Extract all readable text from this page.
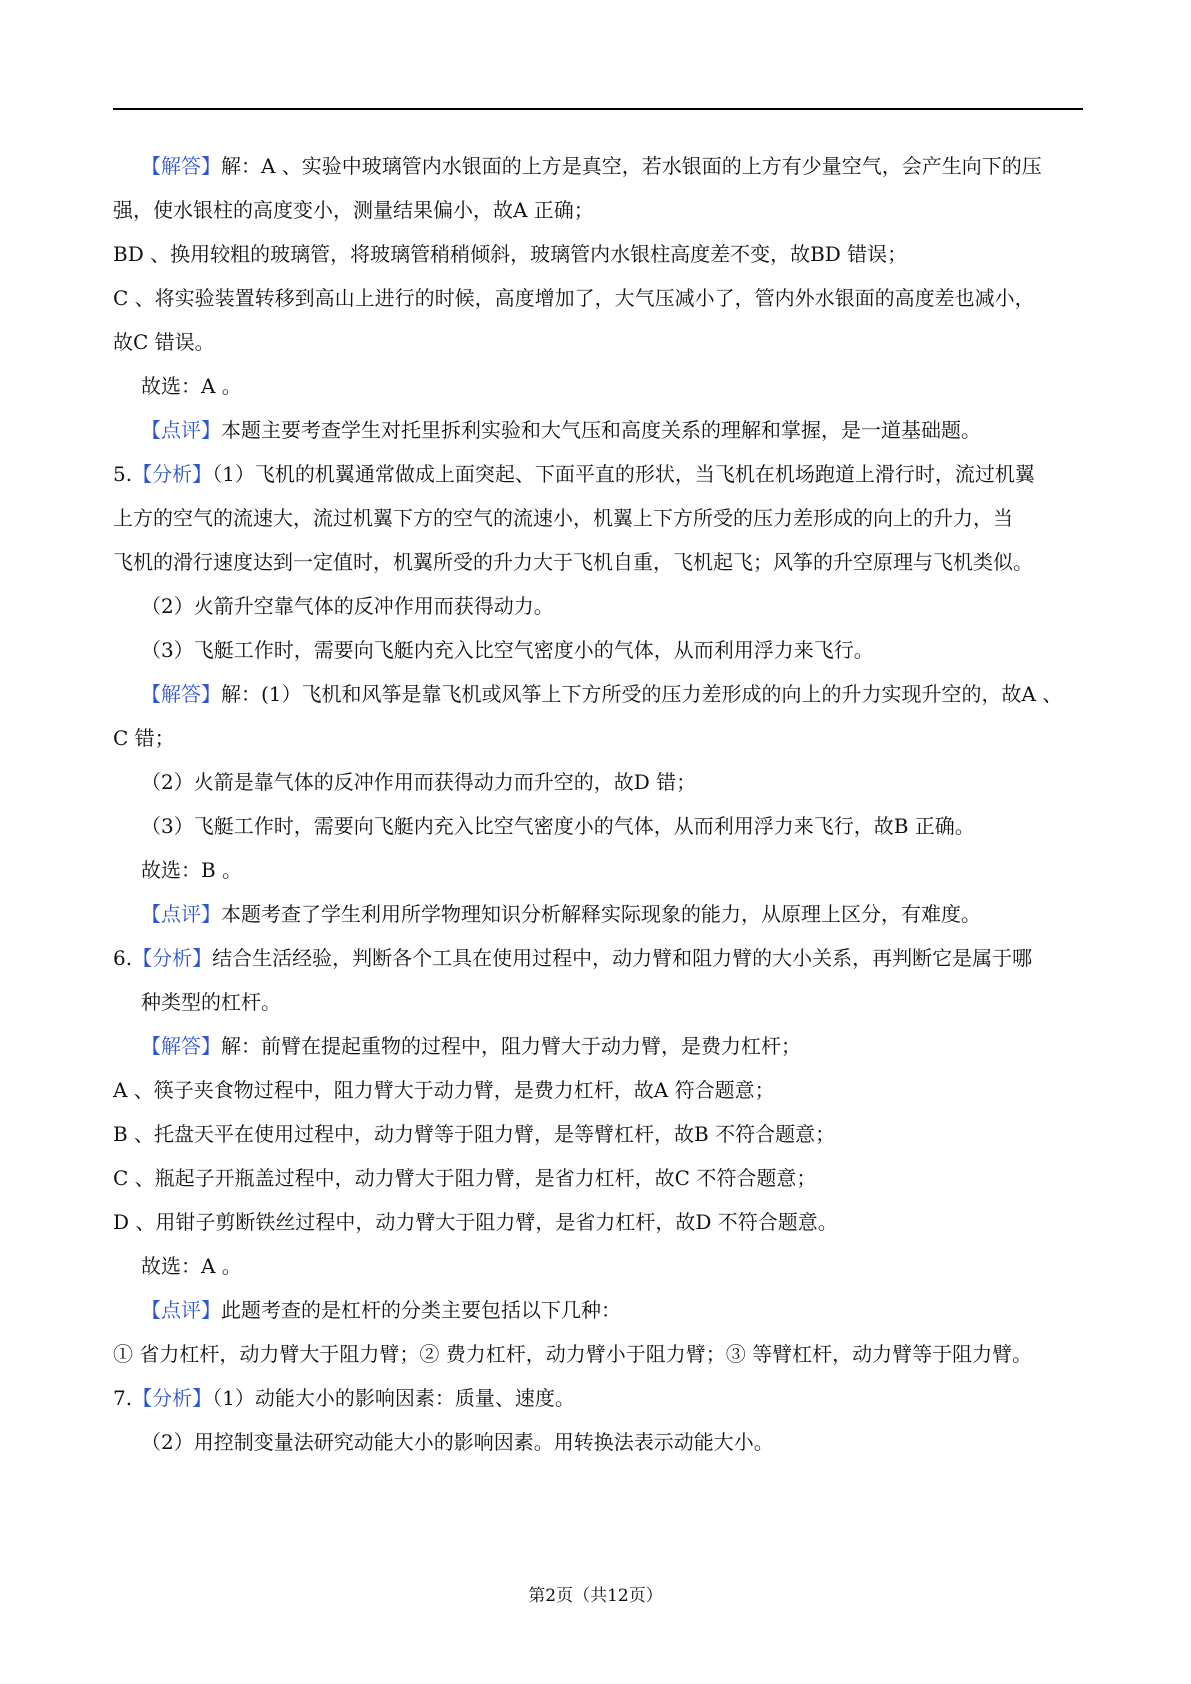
【解答】解：A 、实验中玻璃管内水银面的上方是真空，若水银面的上方有少量空气，会产生向下的压
强，使水银柱的高度变小，测量结果偏小，故A 正确；
BD 、换用较粗的玻璃管，将玻璃管稍稍倾斜，玻璃管内水银柱高度差不变，故BD 错误；
C 、将实验装置转移到高山上进行的时候，高度增加了，大气压减小了，管内外水银面的高度差也减小，
故C 错误。
故选：A 。
【点评】本题主要考查学生对托里拆利实验和大气压和高度关系的理解和掌握，是一道基础题。
5.【分析】（1）飞机的机翼通常做成上面突起、下面平直的形状，当飞机在机场跑道上滑行时，流过机翼
上方的空气的流速大，流过机翼下方的空气的流速小，机翼上下方所受的压力差形成的向上的升力，当
飞机的滑行速度达到一定值时，机翼所受的升力大于飞机自重，飞机起飞；风筝的升空原理与飞机类似。
（2）火箭升空靠气体的反冲作用而获得动力。
（3）飞艇工作时，需要向飞艇内充入比空气密度小的气体，从而利用浮力来飞行。
【解答】解：(1）飞机和风筝是靠飞机或风筝上下方所受的压力差形成的向上的升力实现升空的，故A 、
C 错；
（2）火箭是靠气体的反冲作用而获得动力而升空的，故D 错；
（3）飞艇工作时，需要向飞艇内充入比空气密度小的气体，从而利用浮力来飞行，故B 正确。
故选：B 。
【点评】本题考查了学生利用所学物理知识分析解释实际现象的能力，从原理上区分，有难度。
6.【分析】结合生活经验，判断各个工具在使用过程中，动力臂和阻力臂的大小关系，再判断它是属于哪
种类型的杠杆。
【解答】解：前臂在提起重物的过程中，阻力臂大于动力臂，是费力杠杆；
A 、筷子夹食物过程中，阻力臂大于动力臂，是费力杠杆，故A 符合题意；
B 、托盘天平在使用过程中，动力臂等于阻力臂，是等臂杠杆，故B 不符合题意；
C 、瓶起子开瓶盖过程中，动力臂大于阻力臂，是省力杠杆，故C 不符合题意；
D 、用钳子剪断铁丝过程中，动力臂大于阻力臂，是省力杠杆，故D 不符合题意。
故选：A 。
【点评】此题考查的是杠杆的分类主要包括以下几种：
① 省力杠杆，动力臂大于阻力臂；② 费力杠杆，动力臂小于阻力臂；③ 等臂杠杆，动力臂等于阻力臂。
7.【分析】（1）动能大小的影响因素：质量、速度。
（2）用控制变量法研究动能大小的影响因素。用转换法表示动能大小。
第2页（共12页）
